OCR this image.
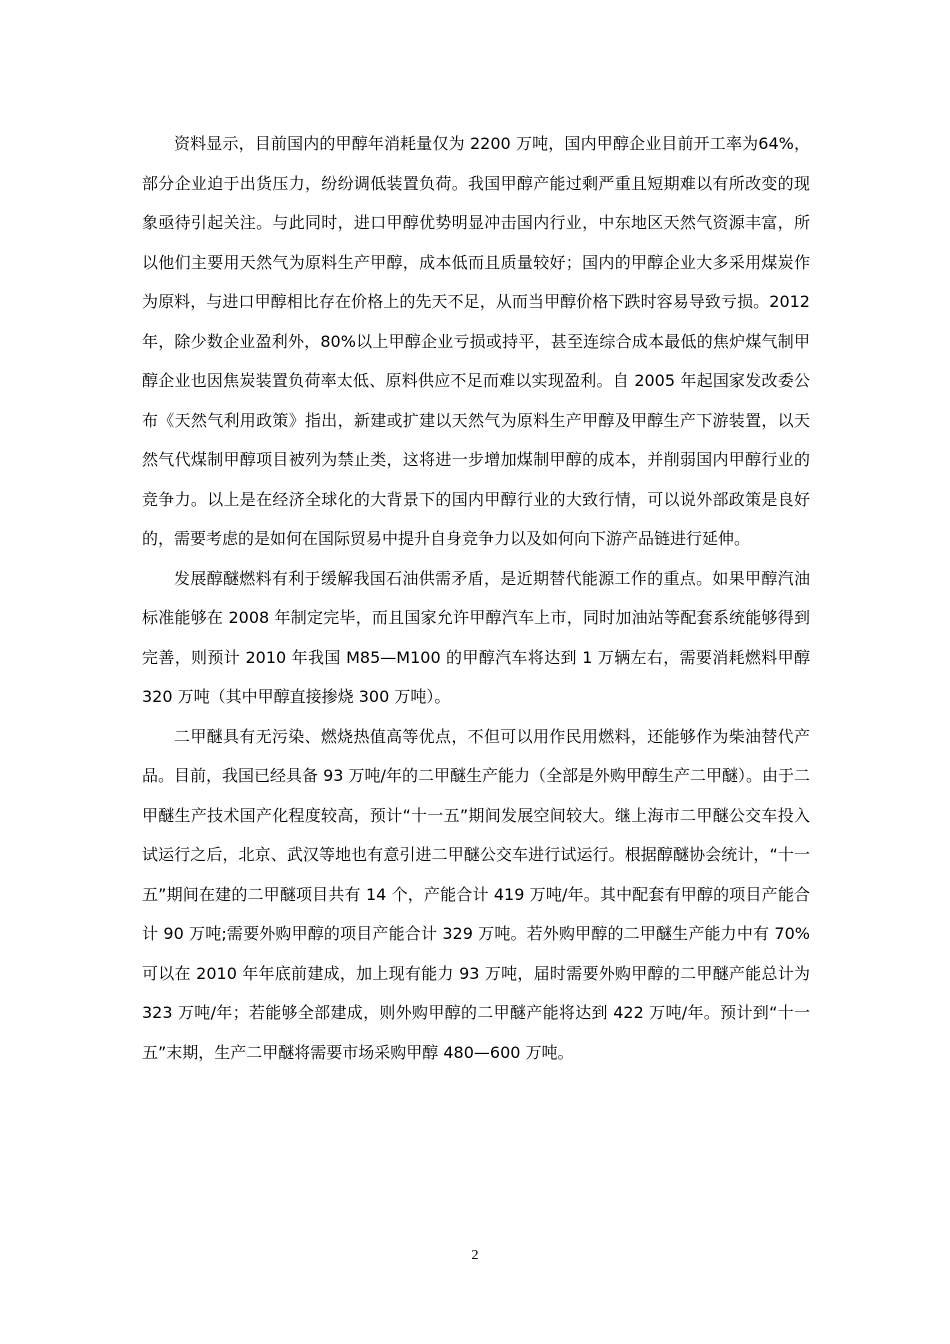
资料显示，目前国内的甲醇年消耗量仅为 2200 万吨，国内甲醇企业目前开工率为64%，部分企业迫于出货压力，纷纷调低装置负荷。我国甲醇产能过剩严重且短期难以有所改变的现象亟待引起关注。与此同时，进口甲醇优势明显冲击国内行业，中东地区天然气资源丰富，所以他们主要用天然气为原料生产甲醇，成本低而且质量较好；国内的甲醇企业大多采用煤炭作为原料，与进口甲醇相比存在价格上的先天不足，从而当甲醇价格下跌时容易导致亏损。2012 年，除少数企业盈利外，80%以上甲醇企业亏损或持平，甚至连综合成本最低的焦炉煤气制甲醇企业也因焦炭装置负荷率太低、原料供应不足而难以实现盈利。自 2005 年起国家发改委公布《天然气利用政策》指出，新建或扩建以天然气为原料生产甲醇及甲醇生产下游装置，以天然气代煤制甲醇项目被列为禁止类，这将进一步增加煤制甲醇的成本，并削弱国内甲醇行业的竞争力。以上是在经济全球化的大背景下的国内甲醇行业的大致行情，可以说外部政策是良好的，需要考虑的是如何在国际贸易中提升自身竞争力以及如何向下游产品链进行延伸。

发展醇醚燃料有利于缓解我国石油供需矛盾，是近期替代能源工作的重点。如果甲醇汽油标准能够在 2008 年制定完毕，而且国家允许甲醇汽车上市，同时加油站等配套系统能够得到完善，则预计 2010 年我国 M85—M100 的甲醇汽车将达到 1 万辆左右，需要消耗燃料甲醇 320 万吨（其中甲醇直接掺烧 300 万吨）。

二甲醚具有无污染、燃烧热值高等优点，不但可以用作民用燃料，还能够作为柴油替代产品。目前，我国已经具备 93 万吨/年的二甲醚生产能力（全部是外购甲醇生产二甲醚）。由于二甲醚生产技术国产化程度较高，预计“十一五”期间发展空间较大。继上海市二甲醚公交车投入试运行之后，北京、武汉等地也有意引进二甲醚公交车进行试运行。根据醇醚协会统计，“十一五”期间在建的二甲醚项目共有 14 个，产能合计 419 万吨/年。其中配套有甲醇的项目产能合计 90 万吨;需要外购甲醇的项目产能合计 329 万吨。若外购甲醇的二甲醚生产能力中有 70%可以在 2010 年年底前建成，加上现有能力 93 万吨，届时需要外购甲醇的二甲醚产能总计为 323 万吨/年；若能够全部建成，则外购甲醇的二甲醚产能将达到 422 万吨/年。预计到“十一五”末期，生产二甲醚将需要市场采购甲醇 480—600 万吨。

2
